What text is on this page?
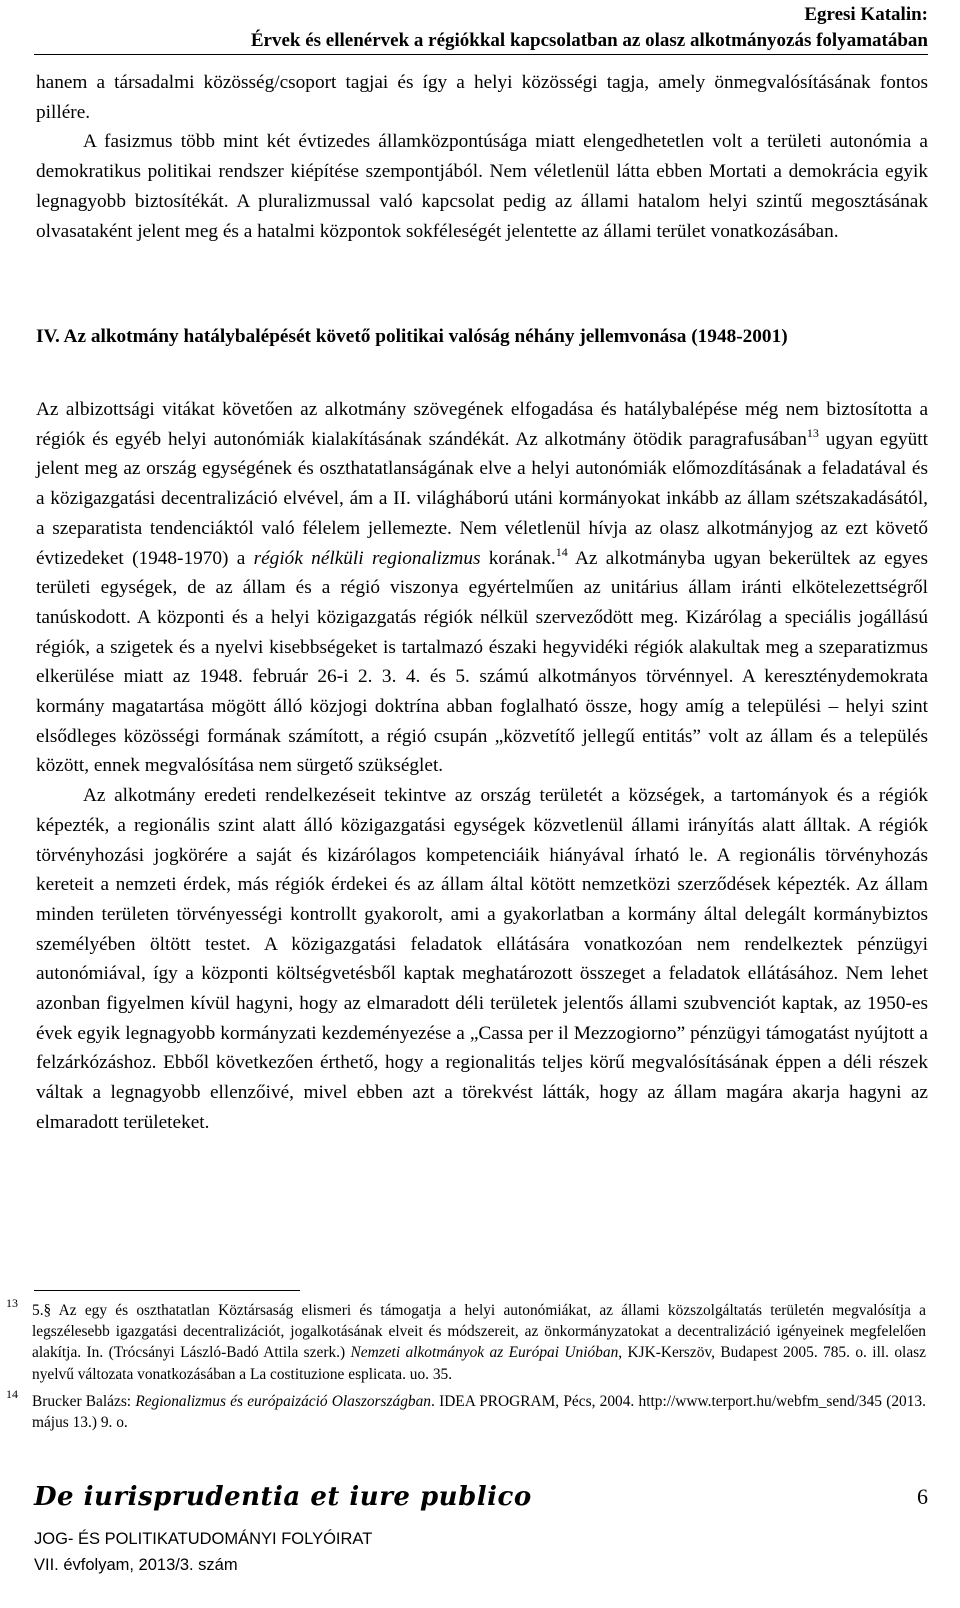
Egresi Katalin:
Érvek és ellenérvek a régiókkal kapcsolatban az olasz alkotmányozás folyamatában

hanem a társadalmi közösség/csoport tagjai és így a helyi közösségi tagja, amely önmegvalósításának fontos pillére.

A fasizmus több mint két évtizedes államközpontúsága miatt elengedhetetlen volt a területi autonómia a demokratikus politikai rendszer kiépítése szempontjából. Nem véletlenül látta ebben Mortati a demokrácia egyik legnagyobb biztosítékát. A pluralizmussal való kapcsolat pedig az állami hatalom helyi szintű megosztásának olvasataként jelent meg és a hatalmi központok sokféleségét jelentette az állami terület vonatkozásában.

IV. Az alkotmány hatálybalépését követő politikai valóság néhány jellemvonása (1948-2001)

Az albizottsági vitákat követően az alkotmány szövegének elfogadása és hatálybalépése még nem biztosította a régiók és egyéb helyi autonómiák kialakításának szándékát. Az alkotmány ötödik paragrafusában$^{13}$ ugyan együtt jelent meg az ország egységének és oszthatatlanságának elve a helyi autonómiák előmozdításának a feladatával és a közigazgatási decentralizáció elvével, ám a II. világháború utáni kormányokat inkább az állam szétszakadásától, a szeparatista tendenciáktól való félelem jellemezte. Nem véletlenül hívja az olasz alkotmányjog az ezt követő évtizedeket (1948-1970) a régiók nélküli regionalizmus korának.$^{14}$ Az alkotmányba ugyan bekerültek az egyes területi egységek, de az állam és a régió viszonya egyértelműen az unitárius állam iránti elkötelezettségről tanúskodott. A központi és a helyi közigazgatás régiók nélkül szerveződött meg. Kizárólag a speciális jogállású régiók, a szigetek és a nyelvi kisebbségeket is tartalmazó északi hegyvidéki régiók alakultak meg a szeparatizmus elkerülése miatt az 1948. február 26-i 2. 3. 4. és 5. számú alkotmányos törvénnyel. A kereszténydemokrata kormány magatartása mögött álló közjogi doktrína abban foglalható össze, hogy amíg a települési – helyi szint elsődleges közösségi formának számított, a régió csupán „közvetítő jellegű entitás” volt az állam és a település között, ennek megvalósítása nem sürgető szükséglet.

Az alkotmány eredeti rendelkezéseit tekintve az ország területét a községek, a tartományok és a régiók képezték, a regionális szint alatt álló közigazgatási egységek közvetlenül állami irányítás alatt álltak. A régiók törvényhozási jogkörére a saját és kizárólagos kompetenciáik hiányával írható le. A regionális törvényhozás kereteit a nemzeti érdek, más régiók érdekei és az állam által kötött nemzetközi szerződések képezték. Az állam minden területen törvényességi kontrollt gyakorolt, ami a gyakorlatban a kormány által delegált kormánybiztos személyében öltött testet. A közigazgatási feladatok ellátására vonatkozóan nem rendelkeztek pénzügyi autonómiával, így a központi költségvetésből kaptak meghatározott összeget a feladatok ellátásához. Nem lehet azonban figyelmen kívül hagyni, hogy az elmaradott déli területek jelentős állami szubvenciót kaptak, az 1950-es évek egyik legnagyobb kormányzati kezdeményezése a „Cassa per il Mezzogiorno” pénzügyi támogatást nyújtott a felzárkózáshoz. Ebből következően érthető, hogy a regionalitás teljes körű megvalósításának éppen a déli részek váltak a legnagyobb ellenzőivé, mivel ebben azt a törekvést látták, hogy az állam magára akarja hagyni az elmaradott területeket.

13 5.§ Az egy és oszthatatlan Köztársaság elismeri és támogatja a helyi autonómiákat, az állami közszolgáltatás területén megvalósítja a legszélesebb igazgatási decentralizációt, jogalkotásának elveit és módszereit, az önkormányzatokat a decentralizáció igényeinek megfelelően alakítja. In. (Trócsányi László-Badó Attila szerk.) Nemzeti alkotmányok az Európai Unióban, KJK-Kerszöv, Budapest 2005. 785. o. ill. olasz nyelvű változata vonatkozásában a La costituzione esplicata. uo. 35.
14 Brucker Balázs: Regionalizmus és európaizáció Olaszországban. IDEA PROGRAM, Pécs, 2004. http://www.terport.hu/webfm_send/345 (2013. május 13.) 9. o.
De iurisprudentia et iure publico	6
JOG- ÉS POLITIKATUDOMÁNYI FOLYÓIRAT
VII. évfolyam, 2013/3. szám
